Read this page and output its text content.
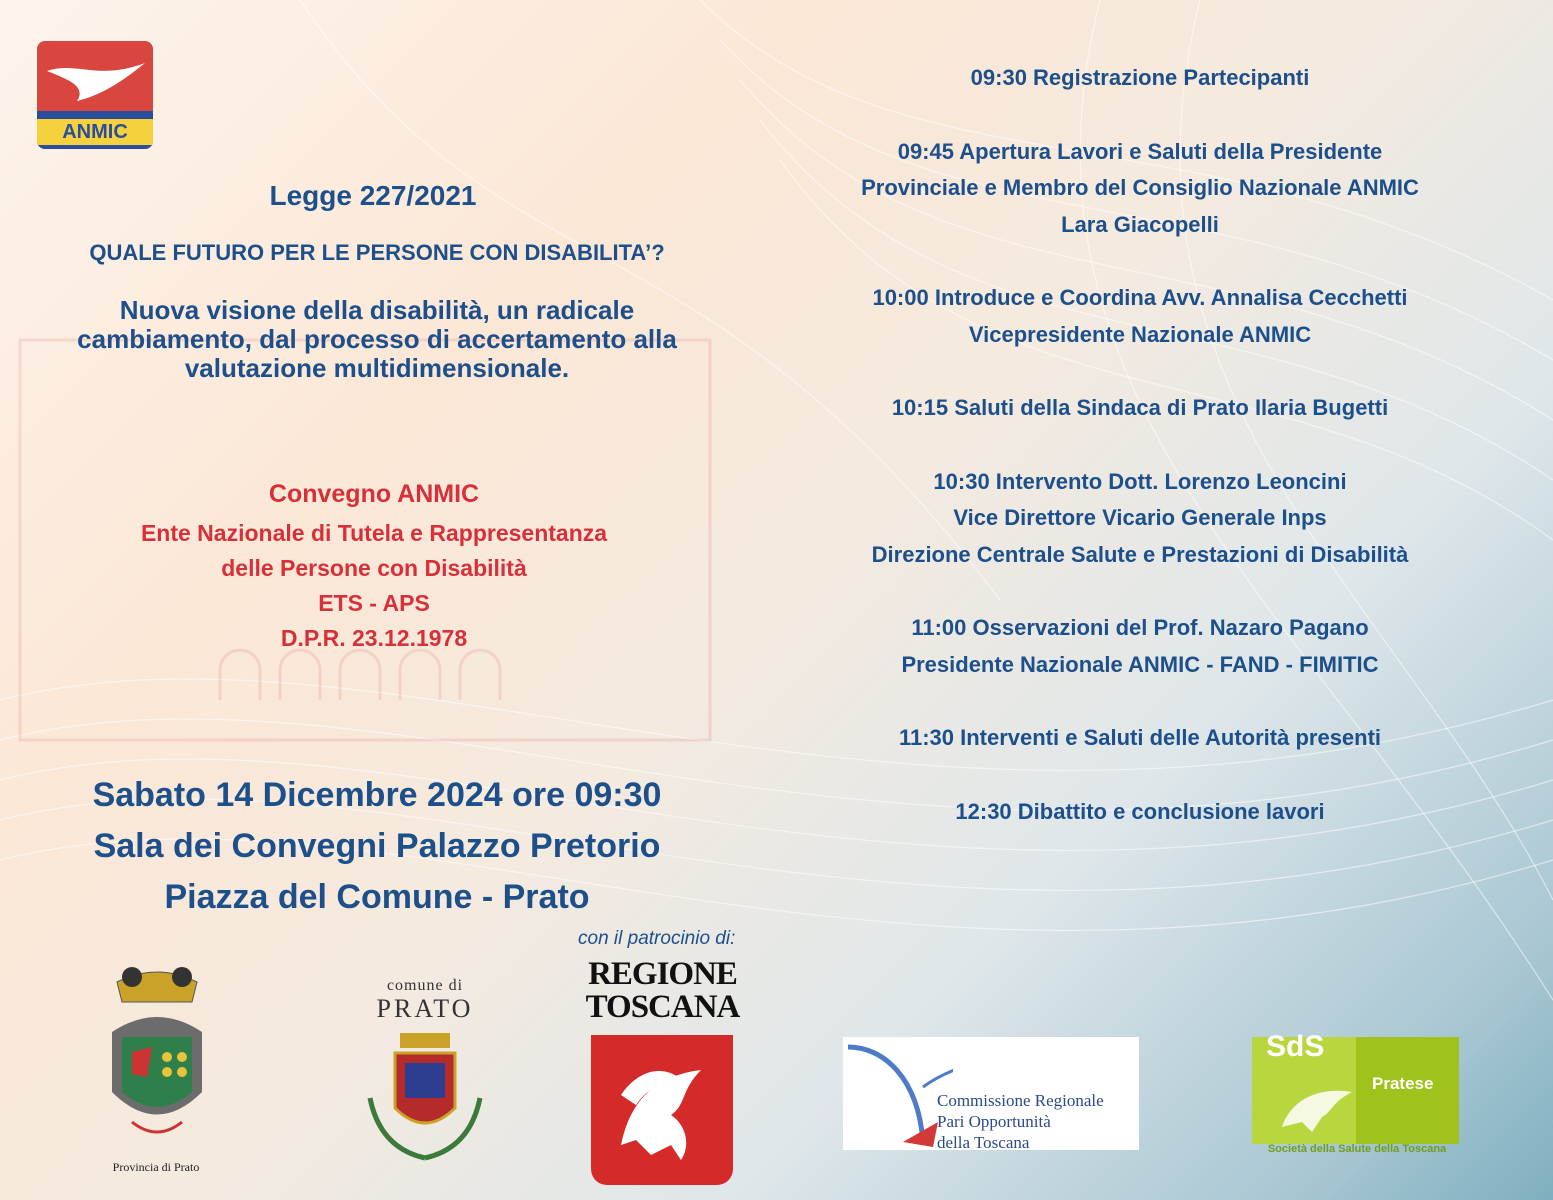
ANMIC
Legge 227/2021
QUALE FUTURO PER LE PERSONE CON DISABILITA’?
Nuova visione della disabilità, un radicale
cambiamento, dal processo di accertamento alla
valutazione multidimensionale.
Convegno ANMIC
Ente Nazionale di Tutela e Rappresentanza
delle Persone con Disabilità
ETS - APS
D.P.R. 23.12.1978
Sabato 14 Dicembre 2024 ore 09:30
Sala dei Convegni Palazzo Pretorio
Piazza del Comune - Prato
09:30 Registrazione Partecipanti
09:45 Apertura Lavori e Saluti della Presidente
Provinciale e Membro del Consiglio Nazionale ANMIC
Lara Giacopelli
10:00 Introduce e Coordina Avv. Annalisa Cecchetti
Vicepresidente Nazionale ANMIC
10:15 Saluti della Sindaca di Prato Ilaria Bugetti
10:30 Intervento Dott. Lorenzo Leoncini
Vice Direttore Vicario Generale Inps
Direzione Centrale Salute e Prestazioni di Disabilità
11:00 Osservazioni del Prof. Nazaro Pagano
Presidente Nazionale ANMIC - FAND - FIMITIC
11:30 Interventi e Saluti delle Autorità presenti
12:30 Dibattito e conclusione lavori
con il patrocinio di:
Provincia di Prato
comune di
PRATO
REGIONE
TOSCANA
Commissione Regionale
Pari Opportunità
della Toscana
SdS
Pratese
Società della Salute della Toscana
